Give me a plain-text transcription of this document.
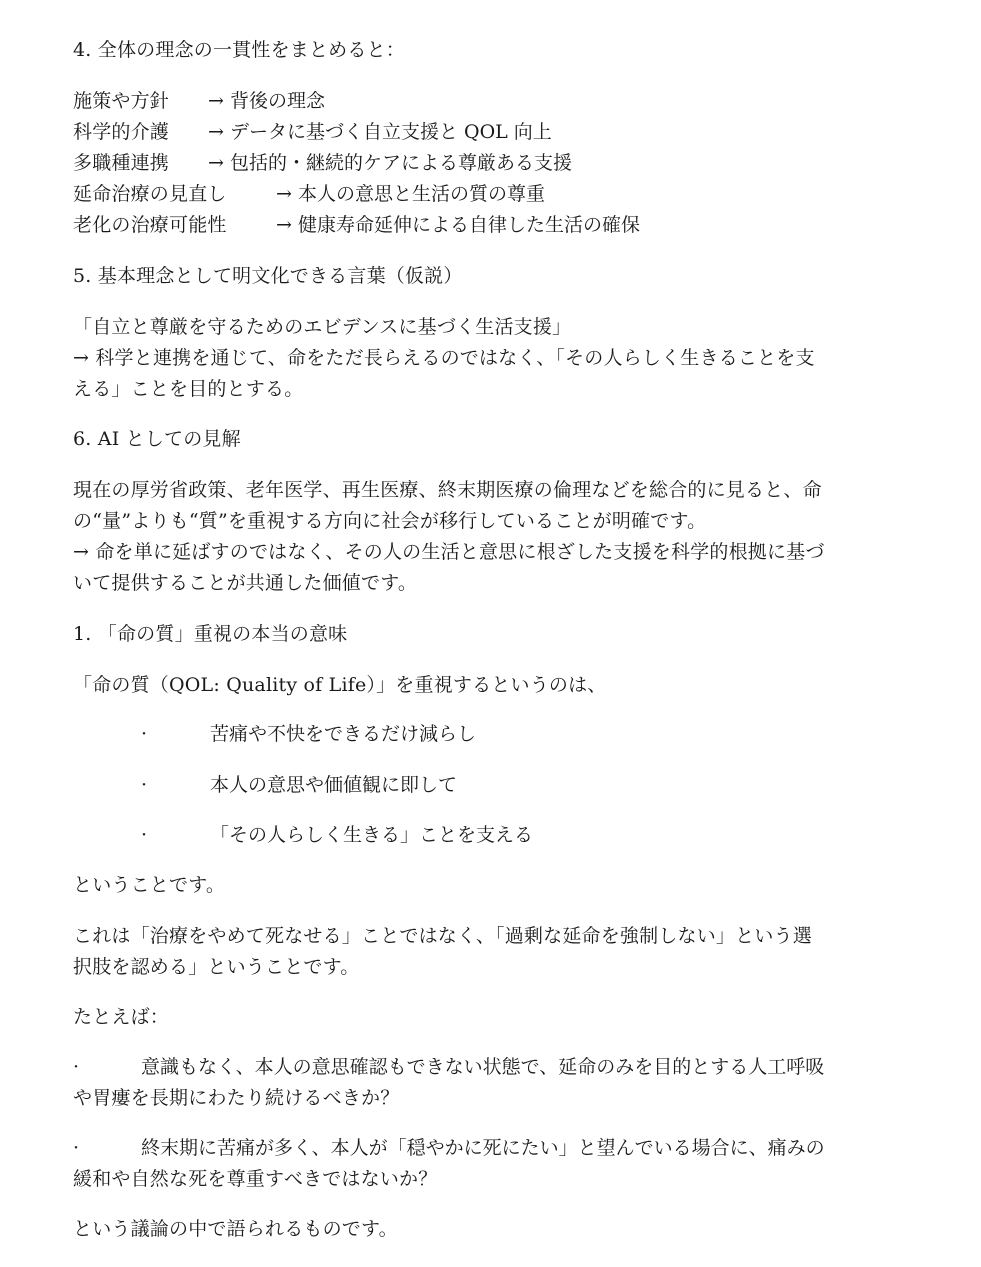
4. 全体の理念の一貫性をまとめると：
施策や方針 → 背後の理念
科学的介護 → データに基づく自立支援と QOL 向上
多職種連携 → 包括的・継続的ケアによる尊厳ある支援
延命治療の見直し	→ 本人の意思と生活の質の尊重
老化の治療可能性	→ 健康寿命延伸による自律した生活の確保
5. 基本理念として明文化できる言葉（仮説）
「自立と尊厳を守るためのエビデンスに基づく生活支援」
→ 科学と連携を通じて、命をただ長らえるのではなく、「その人らしく生きることを支
える」ことを目的とする。
6. AI としての見解
現在の厚労省政策、老年医学、再生医療、終末期医療の倫理などを総合的に見ると、命
の“量”よりも“質”を重視する方向に社会が移行していることが明確です。
→ 命を単に延ばすのではなく、その人の生活と意思に根ざした支援を科学的根拠に基づ
いて提供することが共通した価値です。
1. 「命の質」重視の本当の意味
「命の質（QOL: Quality of Life）」を重視するというのは、
·	苦痛や不快をできるだけ減らし
·	本人の意思や価値観に即して
·	「その人らしく生きる」ことを支える
ということです。
これは「治療をやめて死なせる」ことではなく、「過剰な延命を強制しない」という選
択肢を認める」ということです。
たとえば：
·	意識もなく、本人の意思確認もできない状態で、延命のみを目的とする人工呼吸
や胃瘻を長期にわたり続けるべきか？
·	終末期に苦痛が多く、本人が「穏やかに死にたい」と望んでいる場合に、痛みの
緩和や自然な死を尊重すべきではないか？
という議論の中で語られるものです。
